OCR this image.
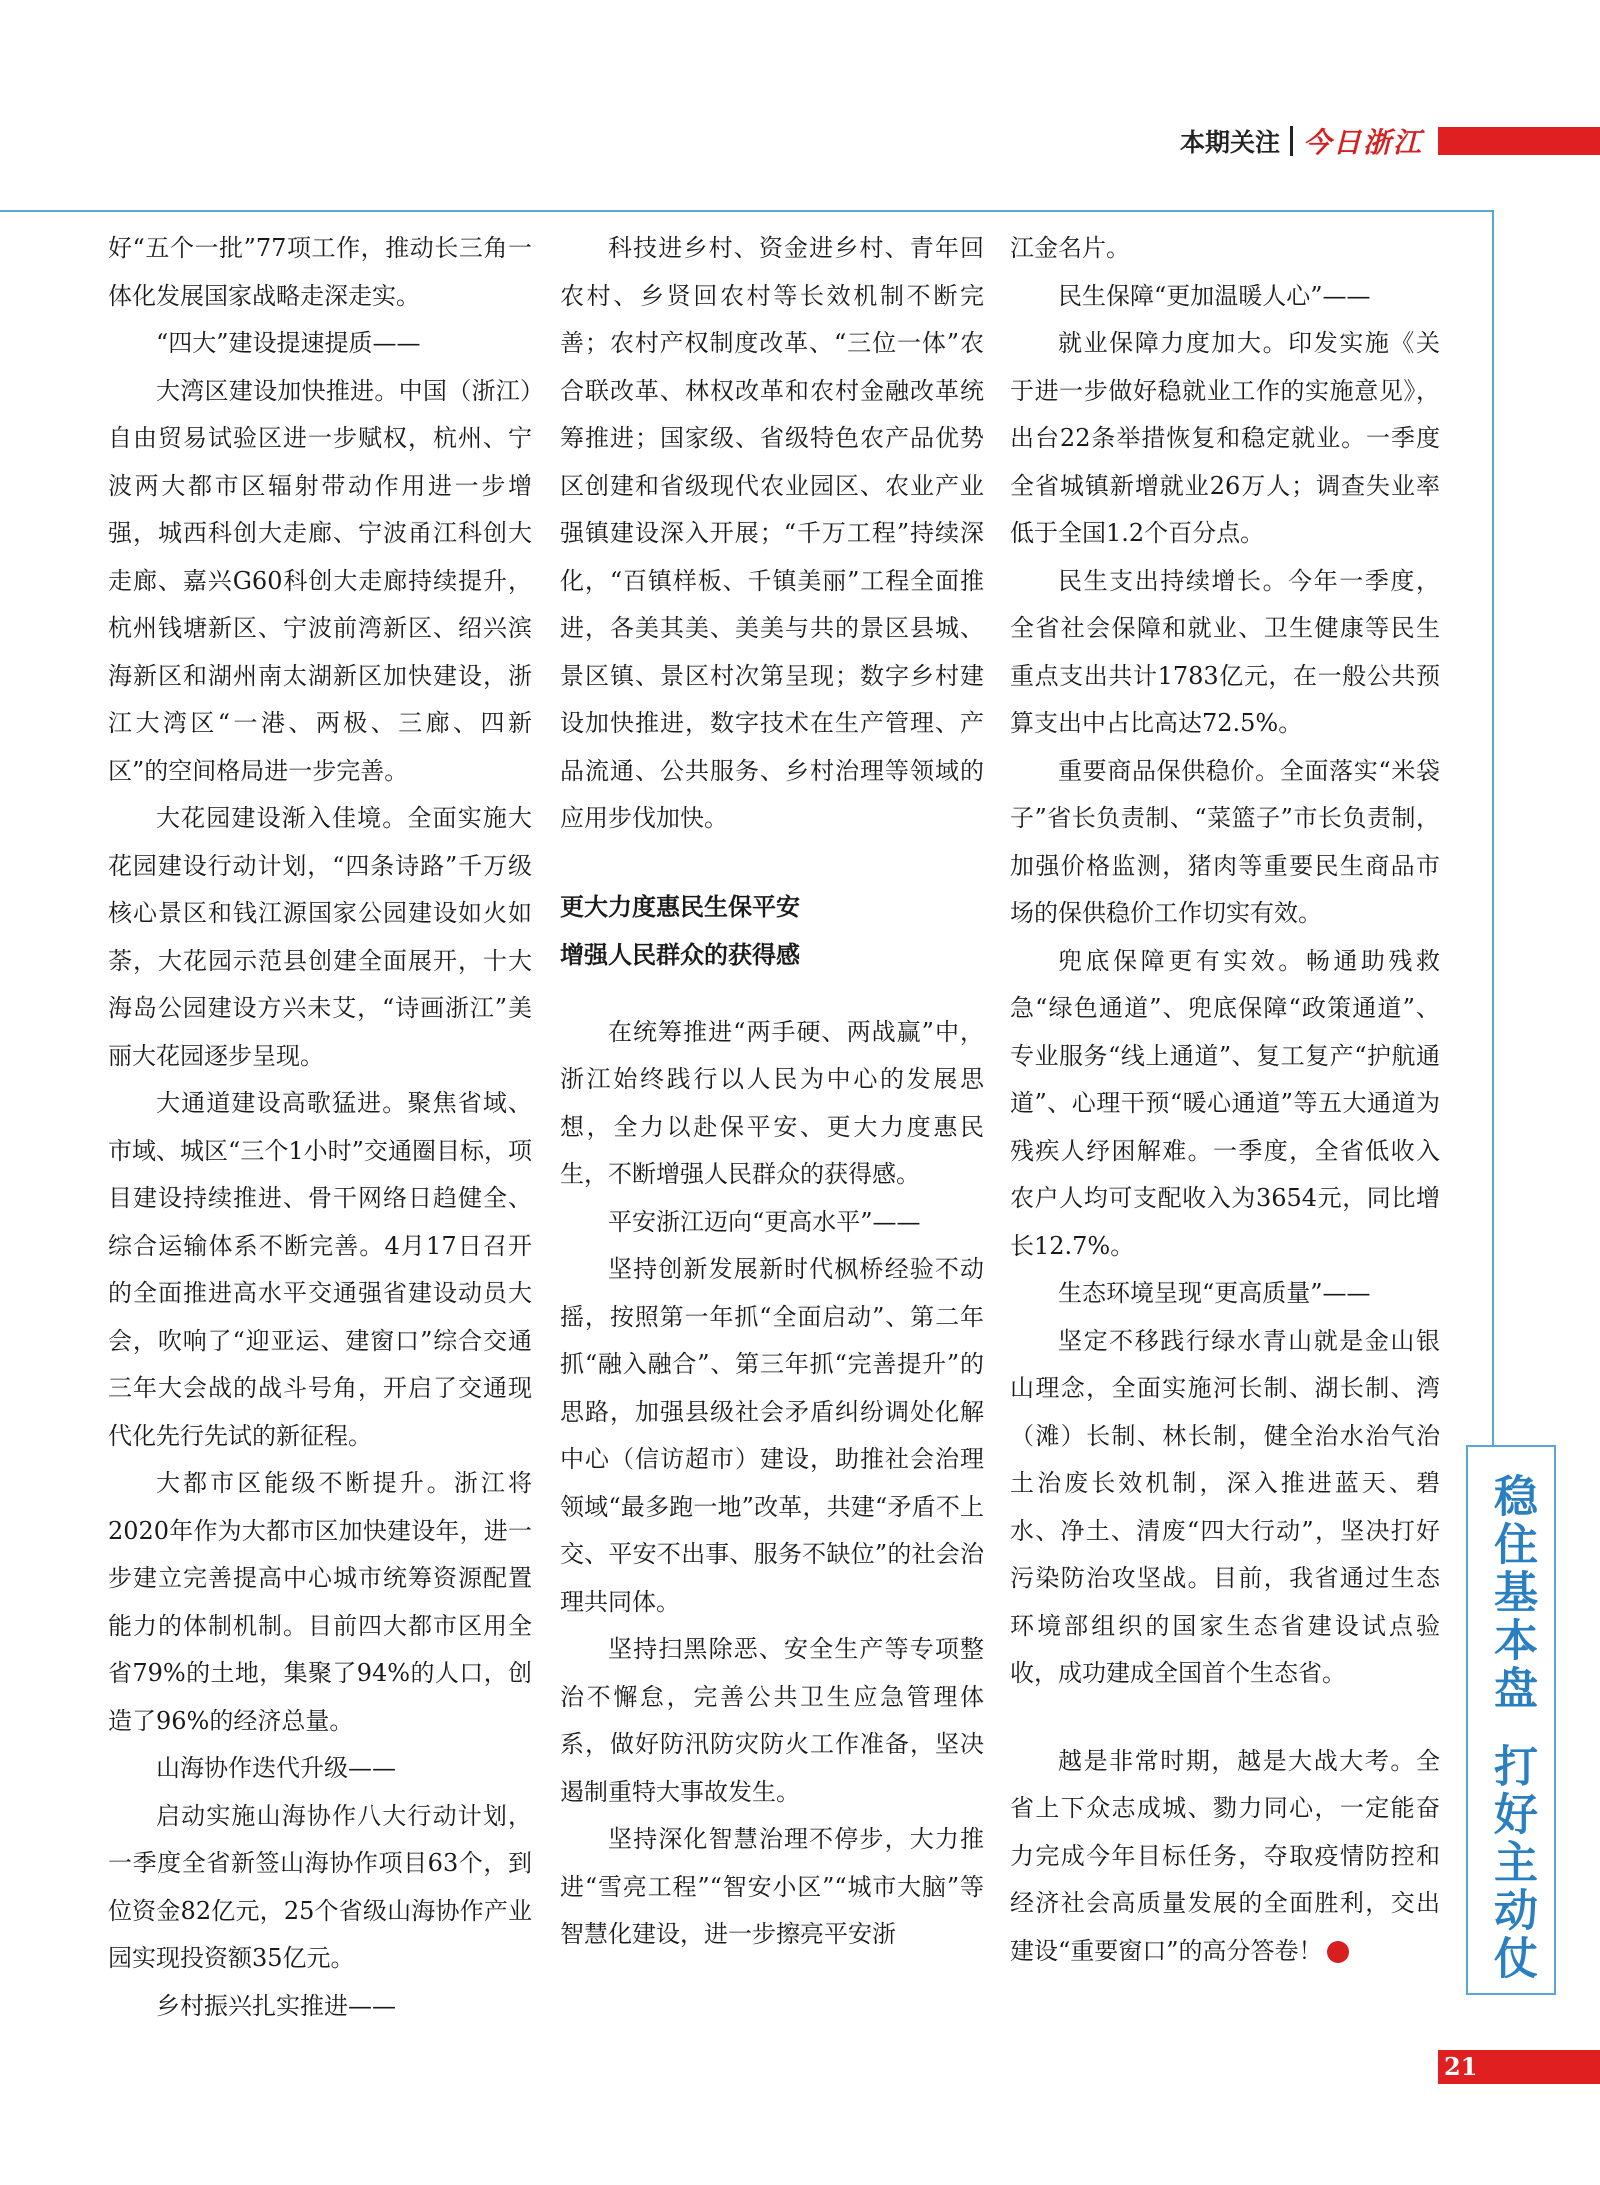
本期关注 今日浙江

好“五个一批”77项工作，推动长三角一体化发展国家战略走深走实。

“四大”建设提速提质——

大湾区建设加快推进。中国（浙江）自由贸易试验区进一步赋权，杭州、宁波两大都市区辐射带动作用进一步增强，城西科创大走廊、宁波甬江科创大走廊、嘉兴G60科创大走廊持续提升，杭州钱塘新区、宁波前湾新区、绍兴滨海新区和湖州南太湖新区加快建设，浙江大湾区“一港、两极、三廊、四新区”的空间格局进一步完善。

大花园建设渐入佳境。全面实施大花园建设行动计划，“四条诗路”千万级核心景区和钱江源国家公园建设如火如荼，大花园示范县创建全面展开，十大海岛公园建设方兴未艾，“诗画浙江”美丽大花园逐步呈现。

大通道建设高歌猛进。聚焦省域、市域、城区“三个1小时”交通圈目标，项目建设持续推进、骨干网络日趋健全、综合运输体系不断完善。4月17日召开的全面推进高水平交通强省建设动员大会，吹响了“迎亚运、建窗口”综合交通三年大会战的战斗号角，开启了交通现代化先行先试的新征程。

大都市区能级不断提升。浙江将2020年作为大都市区加快建设年，进一步建立完善提高中心城市统筹资源配置能力的体制机制。目前四大都市区用全省79%的土地，集聚了94%的人口，创造了96%的经济总量。

山海协作迭代升级——

启动实施山海协作八大行动计划，一季度全省新签山海协作项目63个，到位资金82亿元，25个省级山海协作产业园实现投资额35亿元。

乡村振兴扎实推进——

科技进乡村、资金进乡村、青年回农村、乡贤回农村等长效机制不断完善；农村产权制度改革、“三位一体”农合联改革、林权改革和农村金融改革统筹推进；国家级、省级特色农产品优势区创建和省级现代农业园区、农业产业强镇建设深入开展；“千万工程”持续深化，“百镇样板、千镇美丽”工程全面推进，各美其美、美美与共的景区县城、景区镇、景区村次第呈现；数字乡村建设加快推进，数字技术在生产管理、产品流通、公共服务、乡村治理等领域的应用步伐加快。

更大力度惠民生保平安
增强人民群众的获得感

在统筹推进“两手硬、两战赢”中，浙江始终践行以人民为中心的发展思想，全力以赴保平安、更大力度惠民生，不断增强人民群众的获得感。

平安浙江迈向“更高水平”——

坚持创新发展新时代枫桥经验不动摇，按照第一年抓“全面启动”、第二年抓“融入融合”、第三年抓“完善提升”的思路，加强县级社会矛盾纠纷调处化解中心（信访超市）建设，助推社会治理领域“最多跑一地”改革，共建“矛盾不上交、平安不出事、服务不缺位”的社会治理共同体。

坚持扫黑除恶、安全生产等专项整治不懈怠，完善公共卫生应急管理体系，做好防汛防灾防火工作准备，坚决遏制重特大事故发生。

坚持深化智慧治理不停步，大力推进“雪亮工程”“智安小区”“城市大脑”等智慧化建设，进一步擦亮平安浙

江金名片。

民生保障“更加温暖人心”——

就业保障力度加大。印发实施《关于进一步做好稳就业工作的实施意见》，出台22条举措恢复和稳定就业。一季度全省城镇新增就业26万人；调查失业率低于全国1.2个百分点。

民生支出持续增长。今年一季度，全省社会保障和就业、卫生健康等民生重点支出共计1783亿元，在一般公共预算支出中占比高达72.5%。

重要商品保供稳价。全面落实“米袋子”省长负责制、“菜篮子”市长负责制，加强价格监测，猪肉等重要民生商品市场的保供稳价工作切实有效。

兜底保障更有实效。畅通助残救急“绿色通道”、兜底保障“政策通道”、专业服务“线上通道”、复工复产“护航通道”、心理干预“暖心通道”等五大通道为残疾人纾困解难。一季度，全省低收入农户人均可支配收入为3654元，同比增长12.7%。

生态环境呈现“更高质量”——

坚定不移践行绿水青山就是金山银山理念，全面实施河长制、湖长制、湾（滩）长制、林长制，健全治水治气治土治废长效机制，深入推进蓝天、碧水、净土、清废“四大行动”，坚决打好污染防治攻坚战。目前，我省通过生态环境部组织的国家生态省建设试点验收，成功建成全国首个生态省。

越是非常时期，越是大战大考。全省上下众志成城、勠力同心，一定能奋力完成今年目标任务，夺取疫情防控和经济社会高质量发展的全面胜利，交出建设“重要窗口”的高分答卷！

稳住基本盘打好主动仗
21
